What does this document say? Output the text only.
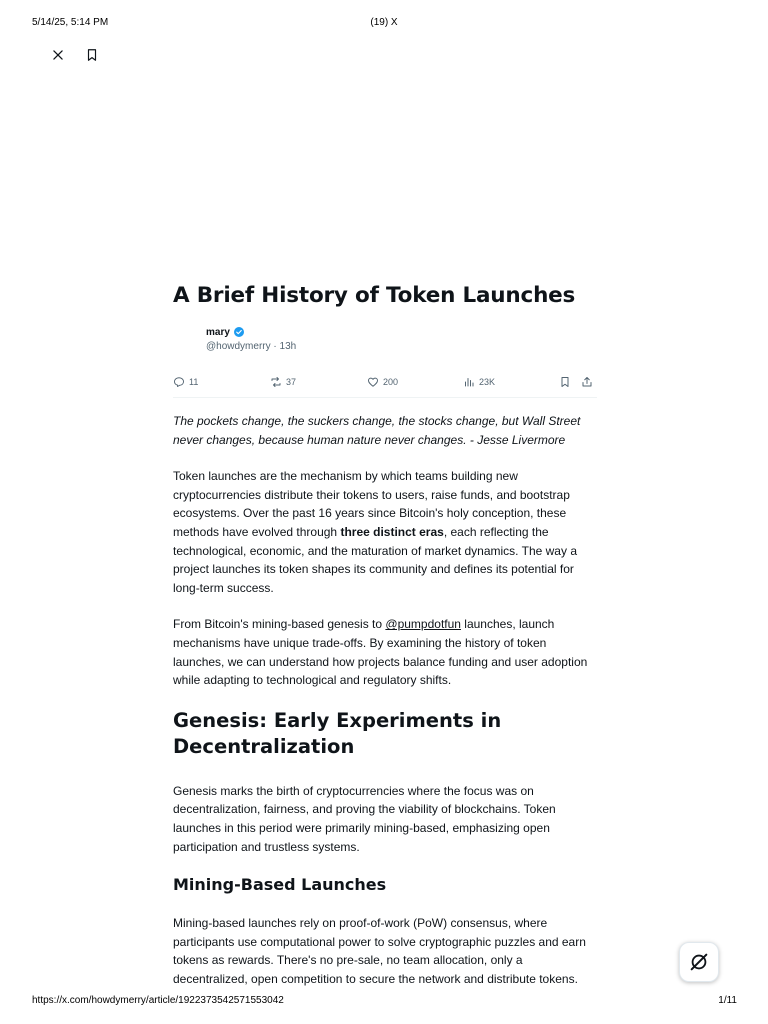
5/14/25, 5:14 PM	(19) X
A Brief History of Token Launches
mary
@howdymerry · 13h
11	37	200	23K

The pockets change, the suckers change, the stocks change, but Wall Street never changes, because human nature never changes. - Jesse Livermore

Token launches are the mechanism by which teams building new cryptocurrencies distribute their tokens to users, raise funds, and bootstrap ecosystems. Over the past 16 years since Bitcoin's holy conception, these methods have evolved through three distinct eras, each reflecting the technological, economic, and the maturation of market dynamics. The way a project launches its token shapes its community and defines its potential for long-term success.

From Bitcoin's mining-based genesis to @pumpdotfun launches, launch mechanisms have unique trade-offs. By examining the history of token launches, we can understand how projects balance funding and user adoption while adapting to technological and regulatory shifts.

Genesis: Early Experiments in Decentralization

Genesis marks the birth of cryptocurrencies where the focus was on decentralization, fairness, and proving the viability of blockchains. Token launches in this period were primarily mining-based, emphasizing open participation and trustless systems.

Mining-Based Launches

Mining-based launches rely on proof-of-work (PoW) consensus, where participants use computational power to solve cryptographic puzzles and earn tokens as rewards. There's no pre-sale, no team allocation, only a decentralized, open competition to secure the network and distribute tokens.

https://x.com/howdymerry/article/1922373542571553042	1/11
